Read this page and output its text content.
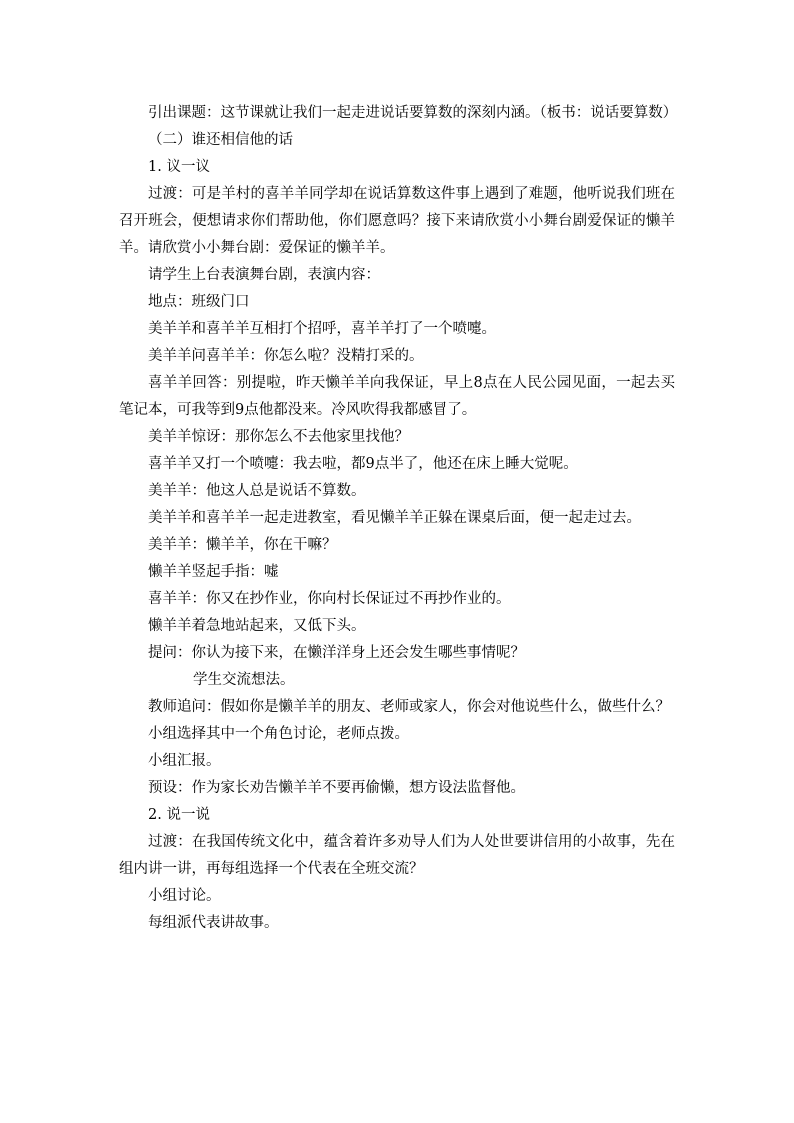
引出课题：这节课就让我们一起走进说话要算数的深刻内涵。（板书：说话要算数）

（二）谁还相信他的话

1. 议一议

过渡：可是羊村的喜羊羊同学却在说话算数这件事上遇到了难题，他听说我们班在召开班会，便想请求你们帮助他，你们愿意吗？接下来请欣赏小小舞台剧爱保证的懒羊羊。请欣赏小小舞台剧：爱保证的懒羊羊。

请学生上台表演舞台剧，表演内容：

地点：班级门口

美羊羊和喜羊羊互相打个招呼，喜羊羊打了一个喷嚏。

美羊羊问喜羊羊：你怎么啦？没精打采的。

喜羊羊回答：别提啦，昨天懒羊羊向我保证，早上8点在人民公园见面，一起去买笔记本，可我等到9点他都没来。冷风吹得我都感冒了。

美羊羊惊讶：那你怎么不去他家里找他？

喜羊羊又打一个喷嚏：我去啦，都9点半了，他还在床上睡大觉呢。

美羊羊：他这人总是说话不算数。

美羊羊和喜羊羊一起走进教室，看见懒羊羊正躲在课桌后面，便一起走过去。

美羊羊：懒羊羊，你在干嘛？

懒羊羊竖起手指：嘘

喜羊羊：你又在抄作业，你向村长保证过不再抄作业的。

懒羊羊着急地站起来，又低下头。

提问：你认为接下来，在懒洋洋身上还会发生哪些事情呢？

学生交流想法。

教师追问：假如你是懒羊羊的朋友、老师或家人，你会对他说些什么，做些什么？

小组选择其中一个角色讨论，老师点拨。

小组汇报。

预设：作为家长劝告懒羊羊不要再偷懒，想方设法监督他。

2. 说一说

过渡：在我国传统文化中，蕴含着许多劝导人们为人处世要讲信用的小故事，先在组内讲一讲，再每组选择一个代表在全班交流？

小组讨论。

每组派代表讲故事。
